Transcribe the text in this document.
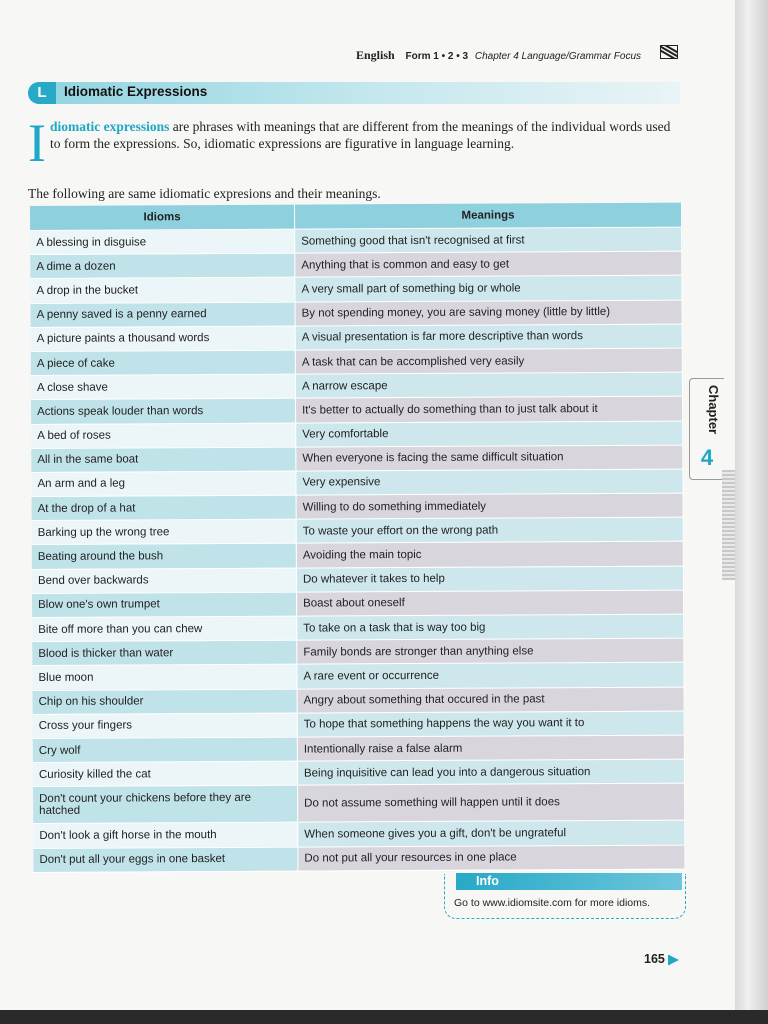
English Form 1 • 2 • 3 Chapter 4 Language/Grammar Focus
L	Idiomatic Expressions
Idiomatic expressions are phrases with meanings that are different from the meanings of the individual words used to form the expressions. So, idiomatic expressions are figurative in language learning.
The following are same idiomatic expresions and their meanings.
Idioms	Meanings
A blessing in disguise	Something good that isn't recognised at first
A dime a dozen	Anything that is common and easy to get
A drop in the bucket	A very small part of something big or whole
A penny saved is a penny earned	By not spending money, you are saving money (little by little)
A picture paints a thousand words	A visual presentation is far more descriptive than words
A piece of cake	A task that can be accomplished very easily
A close shave	A narrow escape
Actions speak louder than words	It's better to actually do something than to just talk about it
A bed of roses	Very comfortable
All in the same boat	When everyone is facing the same difficult situation
An arm and a leg	Very expensive
At the drop of a hat	Willing to do something immediately
Barking up the wrong tree	To waste your effort on the wrong path
Beating around the bush	Avoiding the main topic
Bend over backwards	Do whatever it takes to help
Blow one's own trumpet	Boast about oneself
Bite off more than you can chew	To take on a task that is way too big
Blood is thicker than water	Family bonds are stronger than anything else
Blue moon	A rare event or occurrence
Chip on his shoulder	Angry about something that occured in the past
Cross your fingers	To hope that something happens the way you want it to
Cry wolf	Intentionally raise a false alarm
Curiosity killed the cat	Being inquisitive can lead you into a dangerous situation
Don't count your chickens before they are hatched	Do not assume something will happen until it does
Don't look a gift horse in the mouth	When someone gives you a gift, don't be ungrateful
Don't put all your eggs in one basket	Do not put all your resources in one place
Chapter
4
Info
Go to www.idiomsite.com for more idioms.
165
